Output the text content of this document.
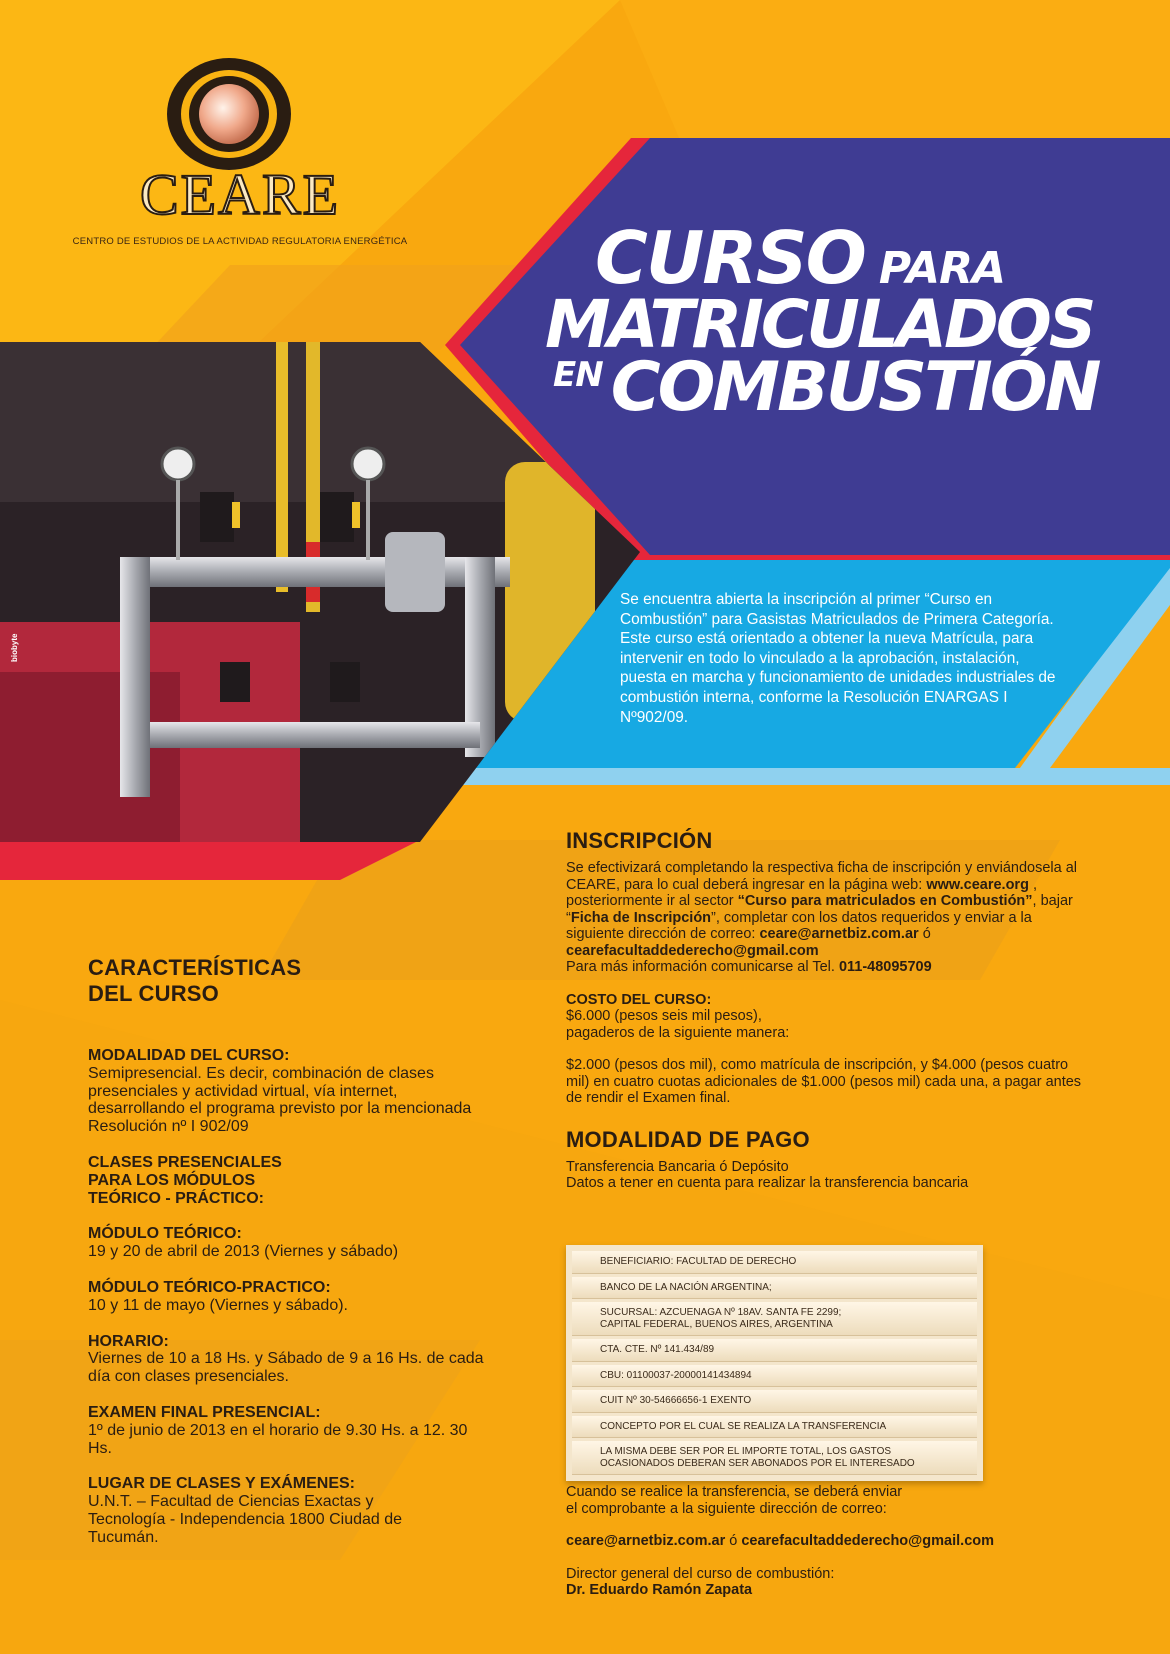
biobyte
CEARE
CENTRO DE ESTUDIOS DE LA ACTIVIDAD REGULATORIA ENERGÉTICA	CURSO PARA
MATRICULADOS
$^{EN}$ COMBUSTIÓN
Se encuentra abierta la inscripción al primer “Curso en Combustión” para Gasistas Matriculados de Primera Categoría. Este curso está orientado a obtener la nueva Matrícula, para intervenir en todo lo vinculado a la aprobación, instalación, puesta en marcha y funcionamiento de unidades industriales de combustión interna, conforme la Resolución ENARGAS I Nº902/09.
CARACTERÍSTICAS
DEL CURSO
MODALIDAD DEL CURSO:
Semipresencial. Es decir, combinación de clases presenciales y actividad virtual, vía internet, desarrollando el programa previsto por la mencionada Resolución nº I 902/09
CLASES PRESENCIALES PARA LOS MÓDULOS TEÓRICO - PRÁCTICO:
MÓDULO TEÓRICO:
19 y 20 de abril de 2013 (Viernes y sábado)
MÓDULO TEÓRICO-PRACTICO:
10 y 11 de mayo (Viernes y sábado).
HORARIO:
Viernes de 10 a 18 Hs. y Sábado de 9 a 16 Hs. de cada día con clases presenciales.
EXAMEN FINAL PRESENCIAL:
1º de junio de 2013 en el horario de 9.30 Hs. a 12. 30 Hs.
LUGAR DE CLASES Y EXÁMENES:
U.N.T. – Facultad de Ciencias Exactas y Tecnología - Independencia 1800 Ciudad de Tucumán.
INSCRIPCIÓN
Se efectivizará completando la respectiva ficha de inscripción y enviándosela al CEARE, para lo cual deberá ingresar en la página web: www.ceare.org , posteriormente ir al sector “Curso para matriculados en Combustión”, bajar “Ficha de Inscripción”, completar con los datos requeridos y enviar a la siguiente dirección de correo: ceare@arnetbiz.com.ar ó
cearefacultaddederecho@gmail.com
Para más información comunicarse al Tel. 011-48095709
COSTO DEL CURSO:
$6.000 (pesos seis mil pesos),
pagaderos de la siguiente manera:
$2.000 (pesos dos mil), como matrícula de inscripción, y $4.000 (pesos cuatro mil) en cuatro cuotas adicionales de $1.000 (pesos mil) cada una, a pagar antes de rendir el Examen final.
MODALIDAD DE PAGO
Transferencia Bancaria ó Depósito
Datos a tener en cuenta para realizar la transferencia bancaria
BENEFICIARIO: FACULTAD DE DERECHO
BANCO DE LA NACIÓN ARGENTINA;
SUCURSAL: AZCUENAGA Nº 18AV. SANTA FE 2299;
CAPITAL FEDERAL, BUENOS AIRES, ARGENTINA
CTA. CTE. Nº 141.434/89
CBU: 01100037-20000141434894
CUIT Nº 30-54666656-1 EXENTO
CONCEPTO POR EL CUAL SE REALIZA LA TRANSFERENCIA
LA MISMA DEBE SER POR EL IMPORTE TOTAL, LOS GASTOS
OCASIONADOS DEBERAN SER ABONADOS POR EL INTERESADO
Cuando se realice la transferencia, se deberá enviar
el comprobante a la siguiente dirección de correo:
ceare@arnetbiz.com.ar ó cearefacultaddederecho@gmail.com
Director general del curso de combustión:
Dr. Eduardo Ramón Zapata
